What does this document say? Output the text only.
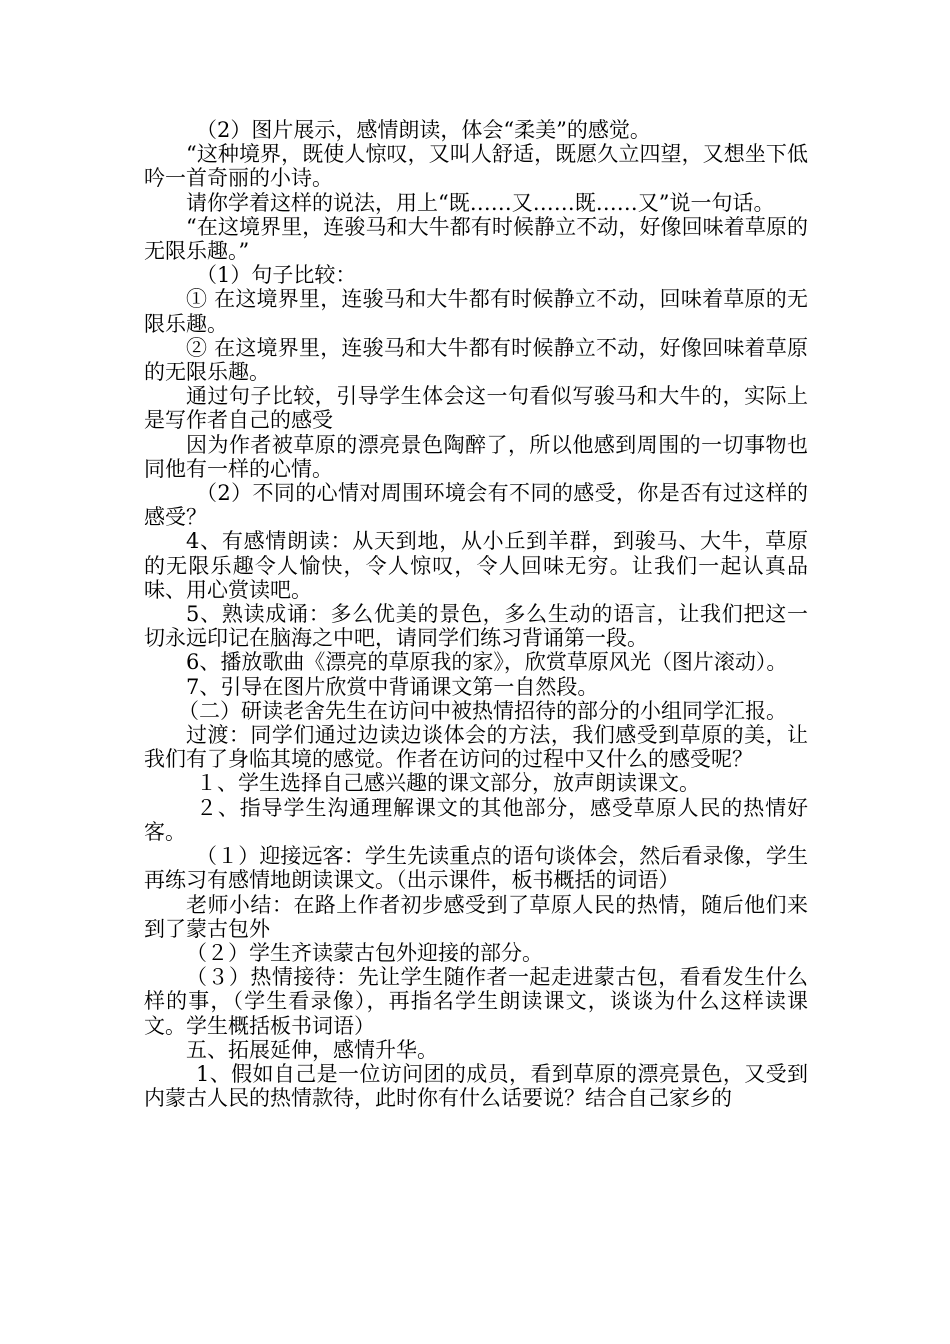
（2）图片展示，感情朗读，体会“柔美”的感觉。

“这种境界，既使人惊叹，又叫人舒适，既愿久立四望，又想坐下低吟一首奇丽的小诗。

请你学着这样的说法，用上“既……又……既……又”说一句话。

“在这境界里，连骏马和大牛都有时候静立不动，好像回味着草原的无限乐趣。”

（1）句子比较：

① 在这境界里，连骏马和大牛都有时候静立不动，回味着草原的无限乐趣。

② 在这境界里，连骏马和大牛都有时候静立不动，好像回味着草原的无限乐趣。

通过句子比较，引导学生体会这一句看似写骏马和大牛的，实际上是写作者自己的感受

因为作者被草原的漂亮景色陶醉了，所以他感到周围的一切事物也同他有一样的心情。

（2）不同的心情对周围环境会有不同的感受，你是否有过这样的感受？

4、有感情朗读：从天到地，从小丘到羊群，到骏马、大牛，草原的无限乐趣令人愉快，令人惊叹，令人回味无穷。让我们一起认真品味、用心赏读吧。

5、熟读成诵：多么优美的景色，多么生动的语言，让我们把这一切永远印记在脑海之中吧，请同学们练习背诵第一段。

6、播放歌曲《漂亮的草原我的家》，欣赏草原风光（图片滚动）。

7、引导在图片欣赏中背诵课文第一自然段。

（二）研读老舍先生在访问中被热情招待的部分的小组同学汇报。

过渡：同学们通过边读边谈体会的方法，我们感受到草原的美，让我们有了身临其境的感觉。作者在访问的过程中又什么的感受呢？

１、学生选择自己感兴趣的课文部分，放声朗读课文。

２、指导学生沟通理解课文的其他部分，感受草原人民的热情好客。

（１）迎接远客：学生先读重点的语句谈体会，然后看录像，学生再练习有感情地朗读课文。（出示课件，板书概括的词语）

老师小结：在路上作者初步感受到了草原人民的热情，随后他们来到了蒙古包外

（２）学生齐读蒙古包外迎接的部分。

（３）热情接待：先让学生随作者一起走进蒙古包，看看发生什么样的事，（学生看录像），再指名学生朗读课文，谈谈为什么这样读课文。学生概括板书词语）

五、拓展延伸，感情升华。

1、假如自己是一位访问团的成员，看到草原的漂亮景色，又受到内蒙古人民的热情款待，此时你有什么话要说？结合自己家乡的
